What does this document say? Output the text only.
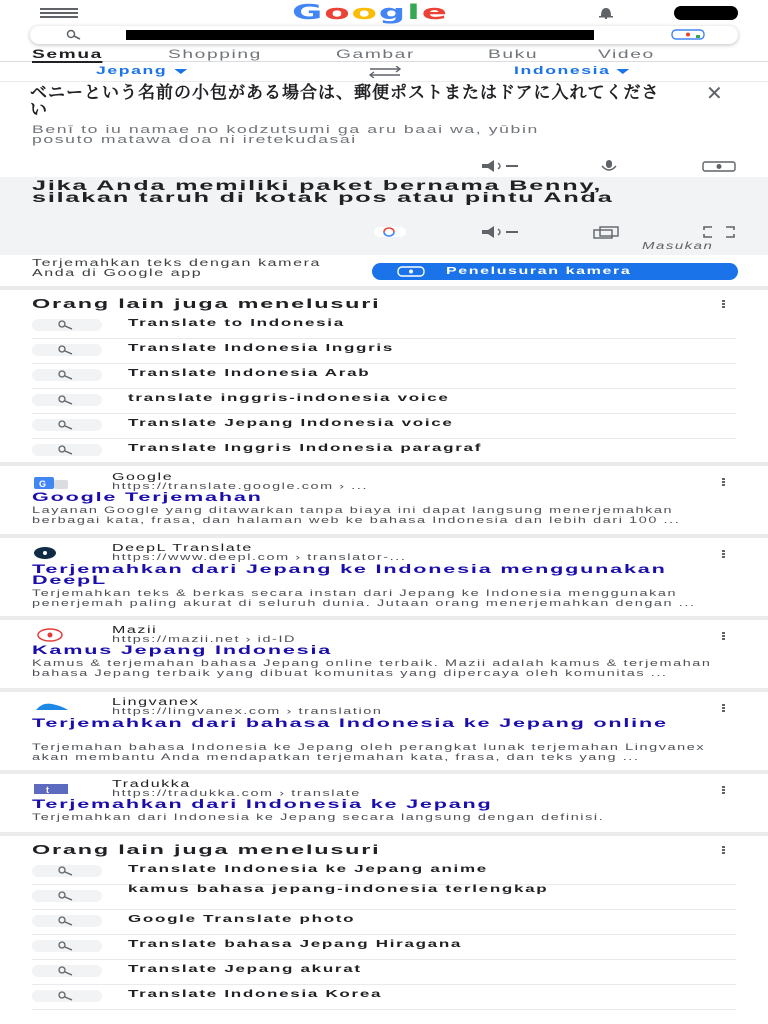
Google
Semua	Shopping	Gambar	Buku	Video
Jepang	Indonesia
ベニーという名前の小包がある場合は、郵便ポストまたはドアに入れてください
Benī to iu namae no kodzutsumi ga aru baai wa, yūbin posuto matawa doa ni iretekudasai
✕
Jika Anda memiliki paket bernama Benny, silakan taruh di kotak pos atau pintu Anda
Masukan
Terjemahkan teks dengan kamera Anda di Google app	Penelusuran kamera
Orang lain juga menelusuri
Translate to Indonesia
Translate Indonesia Inggris
Translate Indonesia Arab
translate inggris-indonesia voice
Translate Jepang Indonesia voice
Translate Inggris Indonesia paragraf
G
Google
https://translate.google.com › ...
Google Terjemahan
Layanan Google yang ditawarkan tanpa biaya ini dapat langsung menerjemahkan berbagai kata, frasa, dan halaman web ke bahasa Indonesia dan lebih dari 100 ...
DeepL Translate
https://www.deepl.com › translator-...
Terjemahkan dari Jepang ke Indonesia menggunakan DeepL
Terjemahkan teks & berkas secara instan dari Jepang ke Indonesia menggunakan penerjemah paling akurat di seluruh dunia. Jutaan orang menerjemahkan dengan ...
Mazii
https://mazii.net › id-ID
Kamus Jepang Indonesia
Kamus & terjemahan bahasa Jepang online terbaik. Mazii adalah kamus & terjemahan bahasa Jepang terbaik yang dibuat komunitas yang dipercaya oleh komunitas ...
Lingvanex
https://lingvanex.com › translation
Terjemahkan dari bahasa Indonesia ke Jepang online
Terjemahan bahasa Indonesia ke Jepang oleh perangkat lunak terjemahan Lingvanex akan membantu Anda mendapatkan terjemahan kata, frasa, dan teks yang ...
t	Tradukka
https://tradukka.com › translate
Terjemahkan dari Indonesia ke Jepang
Terjemahkan dari Indonesia ke Jepang secara langsung dengan definisi.
Orang lain juga menelusuri
Translate Indonesia ke Jepang anime
kamus bahasa jepang-indonesia terlengkap
Google Translate photo
Translate bahasa Jepang Hiragana
Translate Jepang akurat
Translate Indonesia Korea
